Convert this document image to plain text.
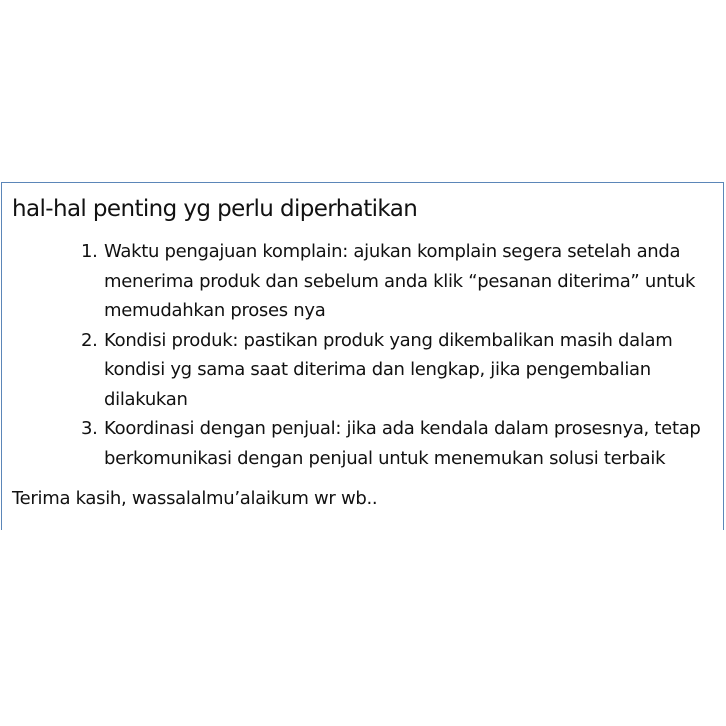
hal-hal penting yg perlu diperhatikan
1. Waktu pengajuan komplain: ajukan komplain segera setelah anda menerima produk dan sebelum anda klik “pesanan diterima” untuk memudahkan proses nya
2. Kondisi produk: pastikan produk yang dikembalikan masih dalam kondisi yg sama saat diterima dan lengkap, jika pengembalian dilakukan
3. Koordinasi dengan penjual: jika ada kendala dalam prosesnya, tetap berkomunikasi dengan penjual untuk menemukan solusi terbaik

Terima kasih, wassalalmu’alaikum wr wb..
